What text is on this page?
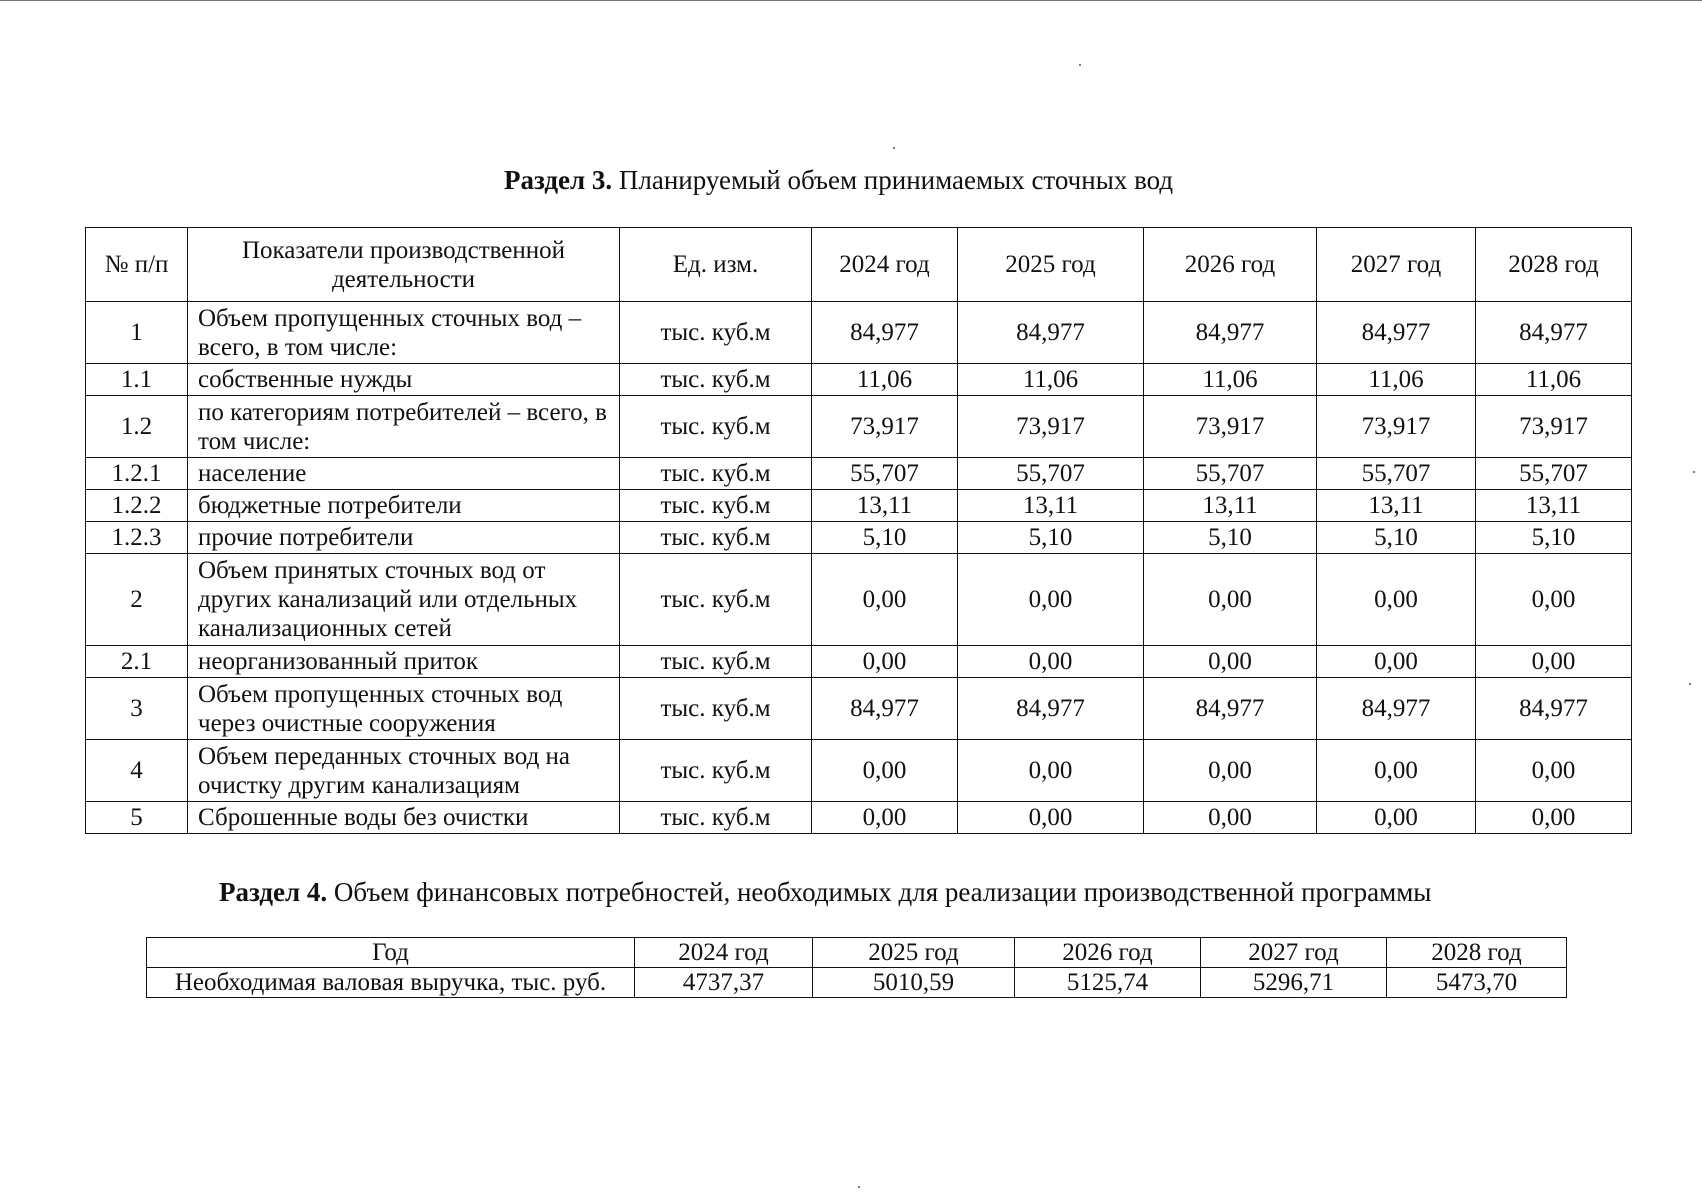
Раздел 3. Планируемый объем принимаемых сточных вод
№ п/п	Показатели производственной деятельности	Ед. изм.	2024 год	2025 год	2026 год	2027 год	2028 год
1	Объем пропущенных сточных вод – всего, в том числе:	тыс. куб.м	84,977	84,977	84,977	84,977	84,977
1.1	собственные нужды	тыс. куб.м	11,06	11,06	11,06	11,06	11,06
1.2	по категориям потребителей – всего, в том числе:	тыс. куб.м	73,917	73,917	73,917	73,917	73,917
1.2.1	население	тыс. куб.м	55,707	55,707	55,707	55,707	55,707
1.2.2	бюджетные потребители	тыс. куб.м	13,11	13,11	13,11	13,11	13,11
1.2.3	прочие потребители	тыс. куб.м	5,10	5,10	5,10	5,10	5,10
2	Объем принятых сточных вод от других канализаций или отдельных канализационных сетей	тыс. куб.м	0,00	0,00	0,00	0,00	0,00
2.1	неорганизованный приток	тыс. куб.м	0,00	0,00	0,00	0,00	0,00
3	Объем пропущенных сточных вод через очистные сооружения	тыс. куб.м	84,977	84,977	84,977	84,977	84,977
4	Объем переданных сточных вод на очистку другим канализациям	тыс. куб.м	0,00	0,00	0,00	0,00	0,00
5	Сброшенные воды без очистки	тыс. куб.м	0,00	0,00	0,00	0,00	0,00
Раздел 4. Объем финансовых потребностей, необходимых для реализации производственной программы
Год	2024 год	2025 год	2026 год	2027 год	2028 год
Необходимая валовая выручка, тыс. руб.	4737,37	5010,59	5125,74	5296,71	5473,70
